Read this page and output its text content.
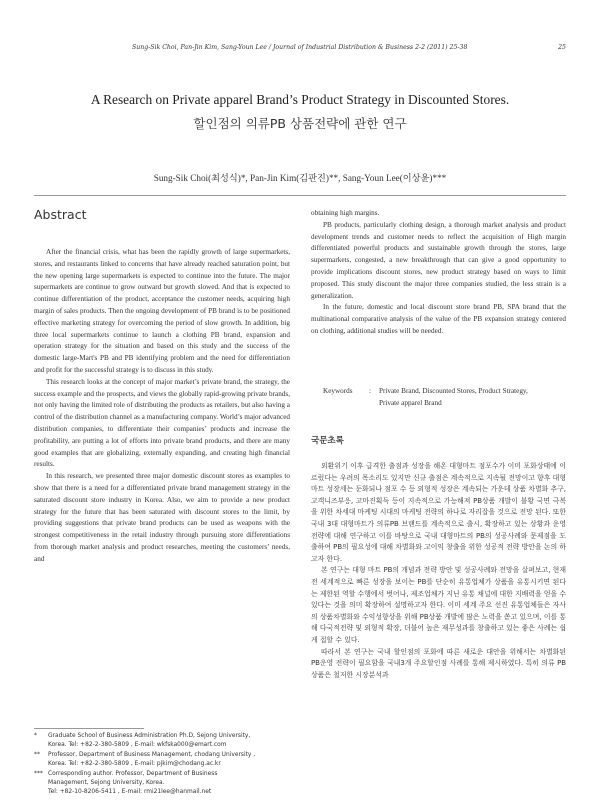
Sung-Sik Choi, Pan-Jin Kim, Sang-Youn Lee / Journal of Industrial Distribution & Business 2-2 (2011) 25-38	25
A Research on Private apparel Brand’s Product Strategy in Discounted Stores.
할인점의 의류PB 상품전략에 관한 연구
Sung-Sik Choi(최성식)*, Pan-Jin Kim(김판진)**, Sang-Youn Lee(이상윤)***
Abstract

After the financial crisis, what has been the rapidly growth of large supermarkets, stores, and restaurants linked to concerns that have already reached saturation point, but the new opening large supermarkets is expected to continue into the future. The major supermarkets are continue to grow outward but growth slowed. And that is expected to continue differentiation of the product, acceptance the customer needs, acquiring high margin of sales products. Then the ongoing development of PB brand is to be positioned effective marketing strategy for overcoming the period of slow growth. In addition, big three local supermarkets continue to launch a clothing PB brand, expansion and operation strategy for the situation and based on this study and the success of the domestic large-Mart's PB and PB identifying problem and the need for differentiation and profit for the successful strategy is to discuss in this study.

This research looks at the concept of major market’s private brand, the strategy, the success example and the prospects, and views the globally rapid-growing private brands, not only having the limited role of distributing the products as retailers, but also having a control of the distribution channel as a manufacturing company. World’s major advanced distribution companies, to differentiate their companies’ products and increase the profitability, are putting a lot of efforts into private brand products, and there are many good examples that are globalizing, externally expanding, and creating high financial results.

In this research, we presented three major domestic discount stores as examples to show that there is a need for a differentiated private brand management strategy in the saturated discount store industry in Korea. Also, we aim to provide a new product strategy for the future that has been saturated with discount stores to the limit, by providing suggestions that private brand products can be used as weapons with the strongest competitiveness in the retail industry through pursuing store differentiations from thorough market analysis and product researches, meeting the customers’ needs, and

obtaining high margins.

PB products, particularly clothing design, a thorough market analysis and product development trends and customer needs to reflect the acquisition of High margin differentiated powerful products and sustainable growth through the stores, large supermarkets, congested, a new breakthrough that can give a good opportunity to provide implications discount stores, new product strategy based on ways to limit proposed. This study discount the major three companies studied, the less strain is a generalization.

In the future, domestic and local discount store brand PB, SPA brand that the multinational comparative analysis of the value of the PB expansion strategy centered on clothing, additional studies will be needed.

Keywords	:	Private Brand, Discounted Stores, Product Strategy,
Private apparel Brand
국문초록

외환위기 이후 급격한 출점과 성장을 해온 대형마트 점포수가 이미 포화상태에 이르렀다는 우려의 목소리도 있지만 신규 출점은 계속적으로 지속될 전망이고 향후 대형마트 성장세는 둔화되나 점포 수 등 외형적 성장은 계속되는 가운데 상품 차별화 추구, 고객니즈부응, 고마진획득 등이 지속적으로 가능해져 PB상품 개발이 불황 국면 극복을 위한 차세대 마케팅 시대의 마케팅 전략의 하나로 자리잡을 것으로 전망 된다. 또한 국내 3대 대형마트가 의류PB 브랜드를 계속적으로 출시, 확장하고 있는 상황과 운영전략에 대해 연구하고 이를 바탕으로 국내 대형마트의 PB의 성공사례와 문제점을 도출하여 PB의 필요성에 대해 차별화와 고이익 창출을 위한 성공적 전략 방안을 논의 하고자 한다.

본 연구는 대형 마트 PB의 개념과 전략 방안 및 성공사례와 전망을 살펴보고, 현재 전 세계적으로 빠른 성장을 보이는 PB를 단순히 유통업체가 상품을 유통시키면 된다는 제한된 역할 수행에서 벗어나, 제조업체가 지닌 유통 채널에 대한 지배력을 얻을 수 있다는 것을 의미 확장하여 설명하고자 한다. 이미 세계 주요 선진 유통업체들은 자사의 상품차별화와 수익성향상을 위해 PB상품 개발에 많은 노력을 쏟고 있으며, 이를 통해 다국적전략 및 외형적 확장, 더불어 높은 재무성과를 창출하고 있는 좋은 사례는 쉽게 접할 수 있다.

따라서 본 연구는 국내 할인점의 포화에 따른 새로운 대안을 위해서는 차별화된 PB운영 전략이 필요함을 국내3개 주요할인점 사례를 통해 제시하였다. 특히 의류 PB상품은 철저한 시장분석과

*	Graduate School of Business Administration Ph.D, Sejong University,
Korea. Tel: +82-2-380-5809 , E-mail: wkfska000@emart.com
**	Professor, Department of Business Management, chodang University ,
Korea. Tel: +82-2-380-5809 , E-mail: pjkim@chodang.ac.kr
*** Corresponding author. Professor, Department of Business
Management, Sejong University, Korea.
Tel: +82-10-8206-5411 , E-mail: rmi21lee@hanmail.net
